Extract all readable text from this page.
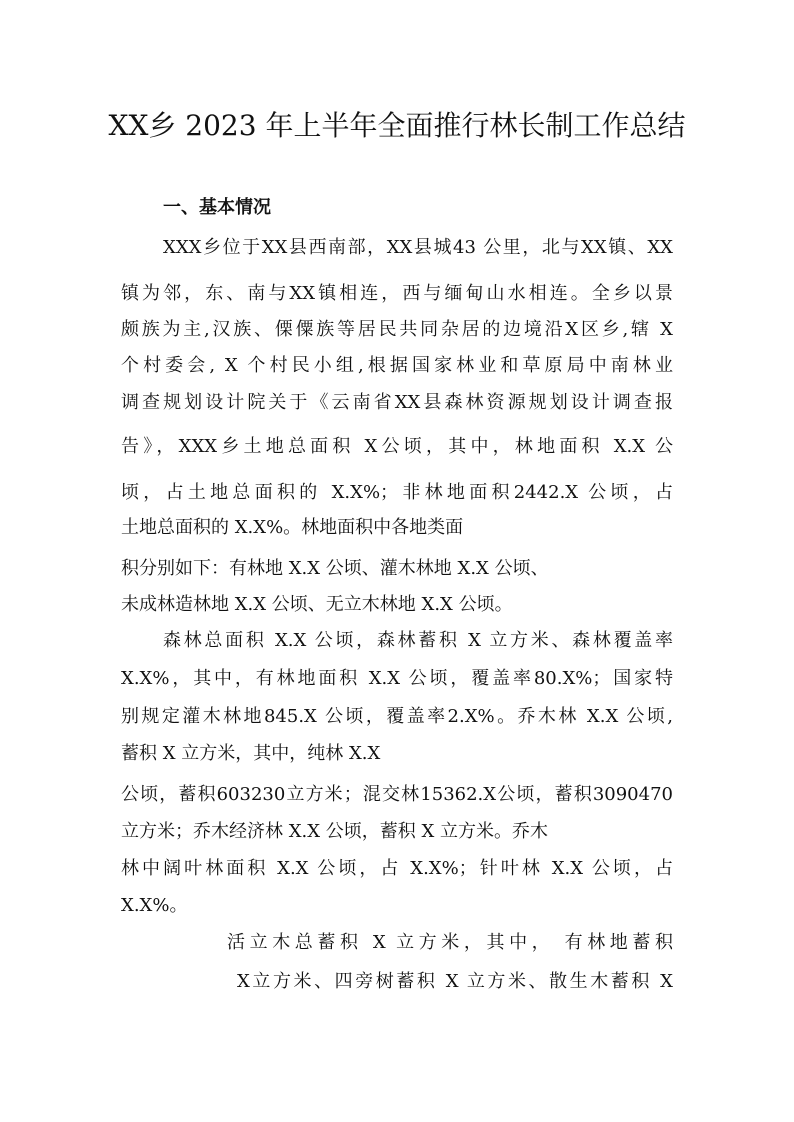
XX乡 2023 年上半年全面推行林长制工作总结
一、基本情况
XXX乡位于XX县西南部，XX县城43 公里，北与XX镇、XX
镇为邻，东、南与XX镇相连，西与缅甸山水相连。全乡以景
颇族为主,汉族、傈僳族等居民共同杂居的边境沿X区乡,辖 X
个村委会, X 个村民小组,根据国家林业和草原局中南林业
调查规划设计院关于《云南省XX县森林资源规划设计调查报
告》，XXX乡土地总面积 X公顷，其中，林地面积 X.X 公
顷，占土地总面积的 X.X%；非林地面积2442.X 公顷，占
土地总面积的 X.X%。林地面积中各地类面
积分别如下：有林地 X.X 公顷、灌木林地 X.X 公顷、
未成林造林地 X.X 公顷、无立木林地 X.X 公顷。
森林总面积 X.X 公顷，森林蓄积 X 立方米、森林覆盖率
X.X%，其中，有林地面积 X.X 公顷，覆盖率80.X%；国家特
别规定灌木林地845.X 公顷，覆盖率2.X%。乔木林 X.X 公顷,
蓄积 X 立方米，其中，纯林 X.X
公顷，蓄积603230立方米；混交林15362.X公顷，蓄积3090470
立方米；乔木经济林 X.X 公顷，蓄积 X 立方米。乔木
林中阔叶林面积 X.X 公顷，占 X.X%；针叶林 X.X 公顷，占
X.X%。
活立木总蓄积 X 立方米，其中， 有林地蓄积
X立方米、四旁树蓄积 X 立方米、散生木蓄积 X
